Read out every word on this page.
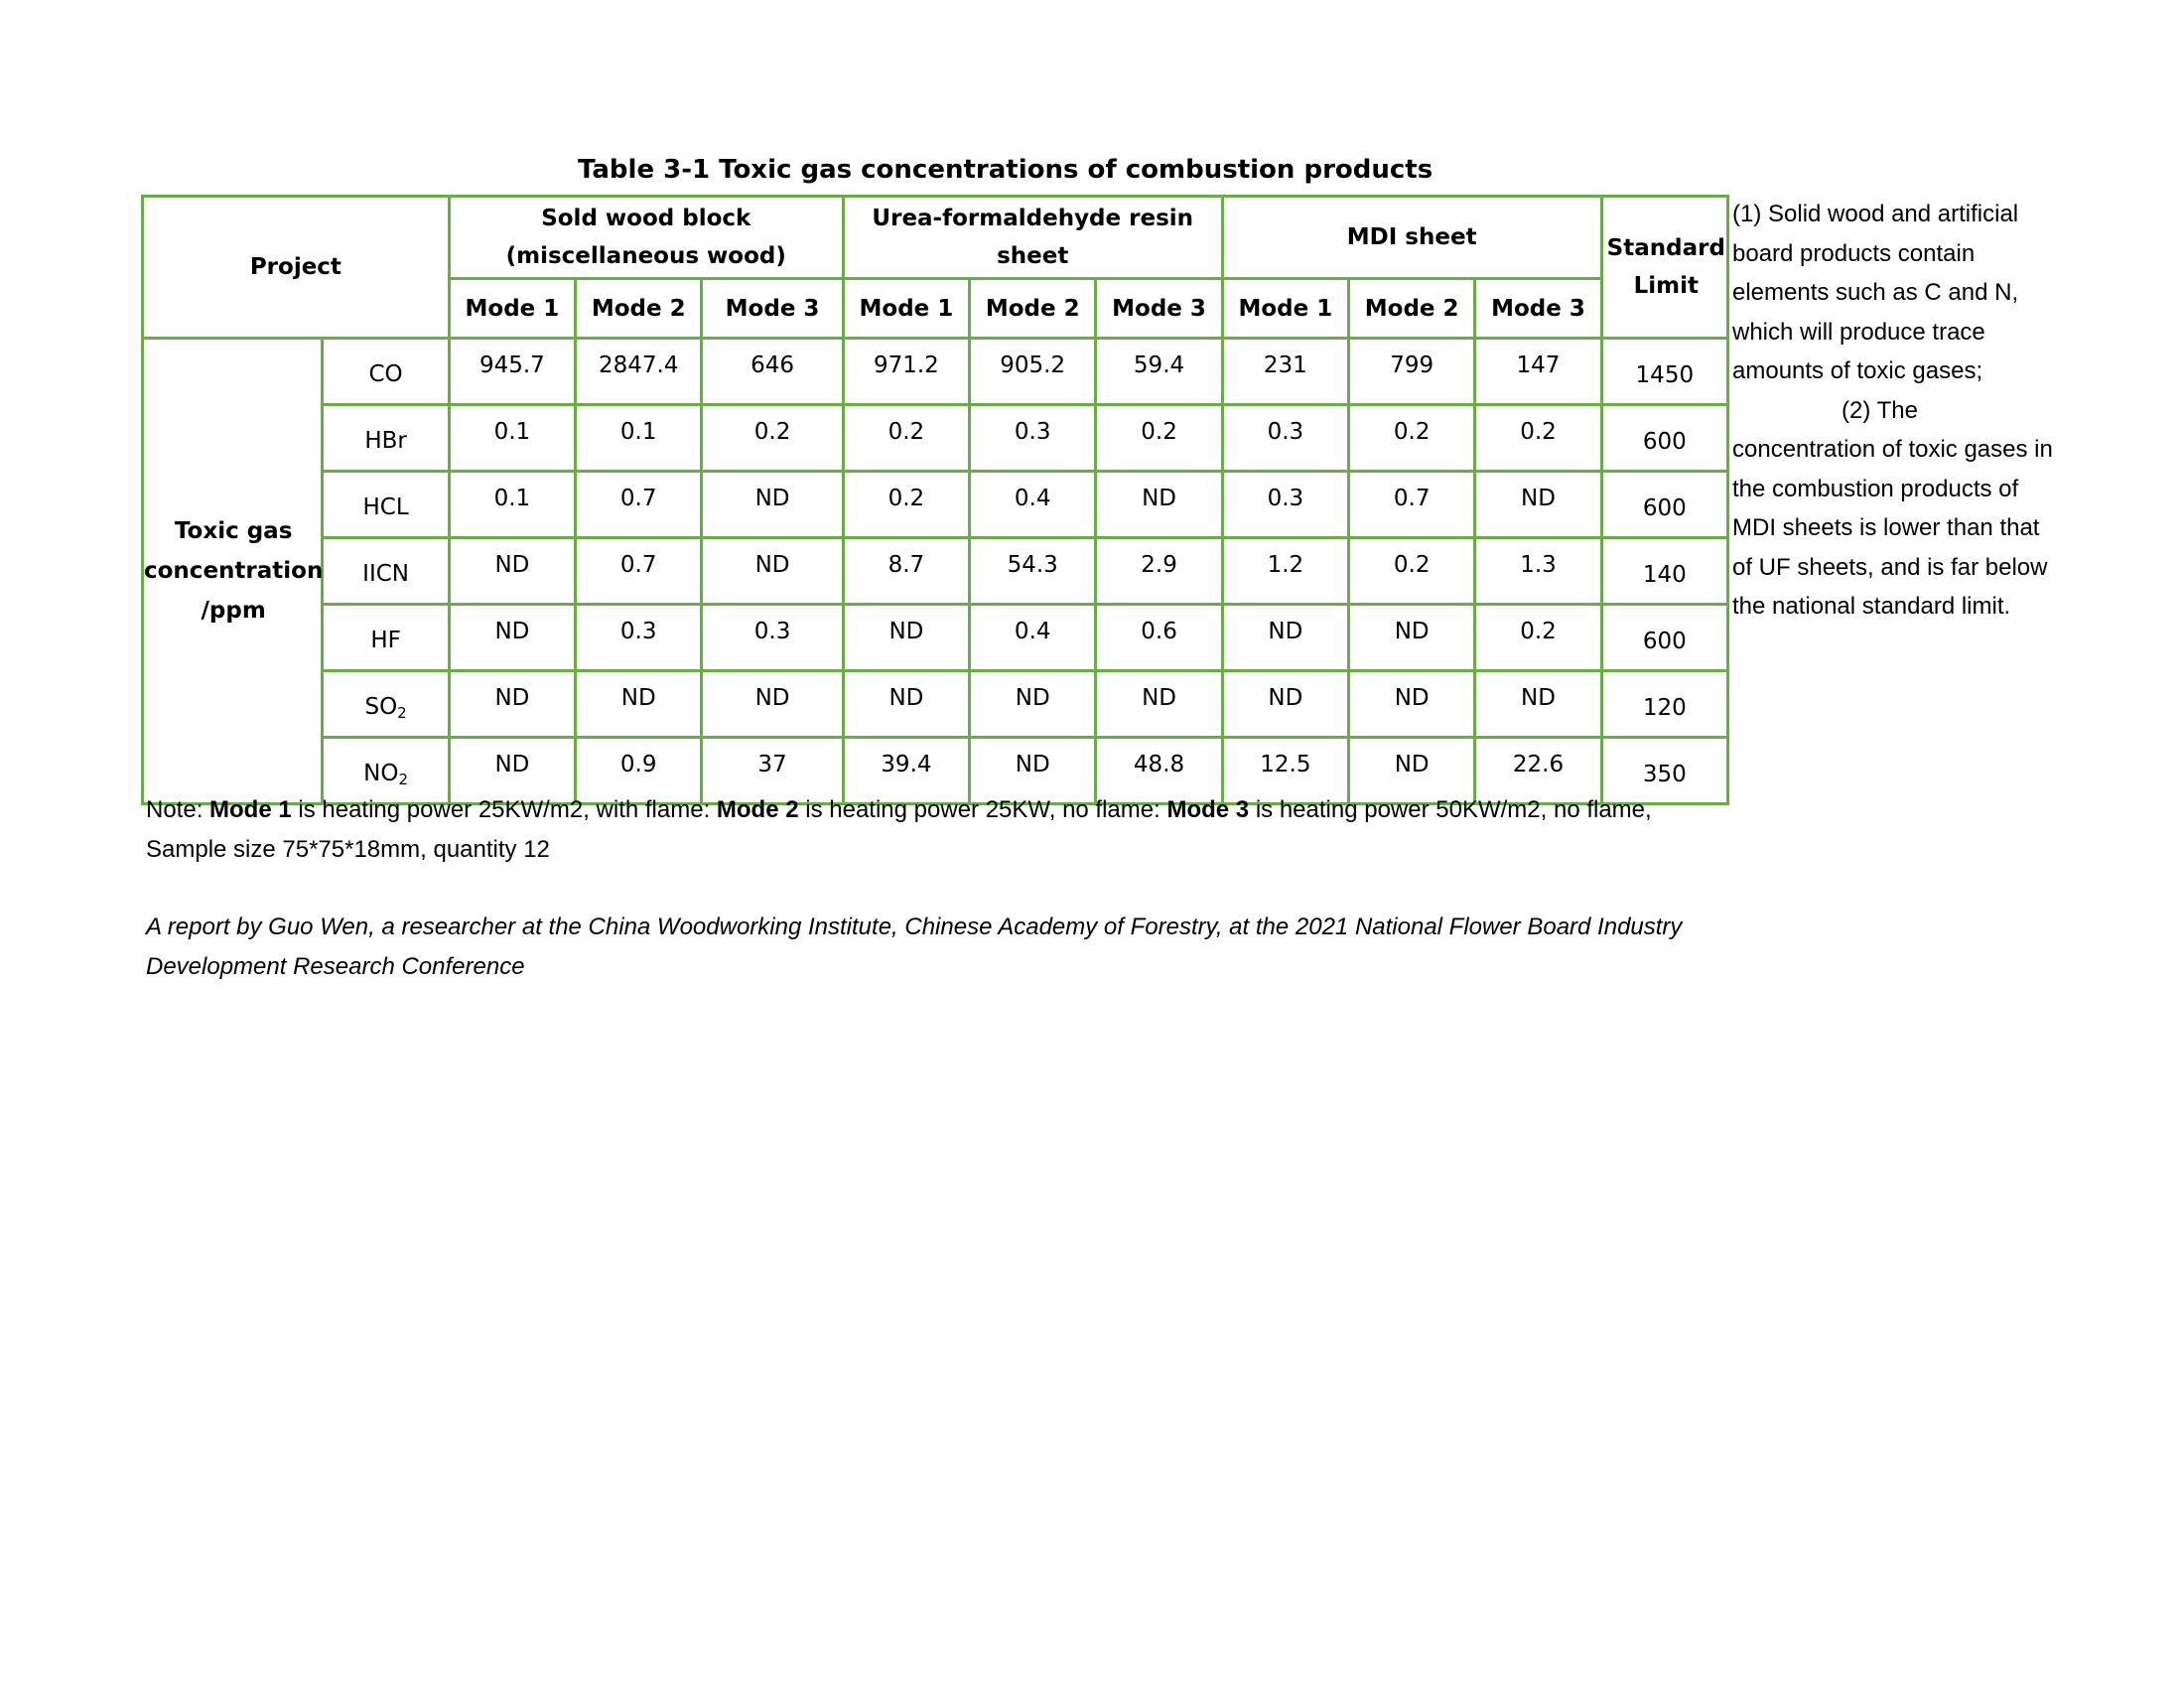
Table 3-1 Toxic gas concentrations of combustion products
Project		Sold wood block (miscellaneous wood)			Urea-formaldehyde resin sheet			MDI sheet			Standard Limit
		Mode 1	Mode 2	Mode 3	Mode 1	Mode 2	Mode 3	Mode 1	Mode 2	Mode 3	
Toxic gas concentration /ppm	CO	945.7	2847.4	646	971.2	905.2	59.4	231	799	147	1450
	HBr	0.1	0.1	0.2	0.2	0.3	0.2	0.3	0.2	0.2	600
	HCL	0.1	0.7	ND	0.2	0.4	ND	0.3	0.7	ND	600
	IICN	ND	0.7	ND	8.7	54.3	2.9	1.2	0.2	1.3	140
	HF	ND	0.3	0.3	ND	0.4	0.6	ND	ND	0.2	600
	$SO_2$	ND	ND	ND	ND	ND	ND	ND	ND	ND	120
	$NO_2$	ND	0.9	37	39.4	ND	48.8	12.5	ND	22.6	350

(1) Solid wood and artificial board products contain elements such as C and N, which will produce trace amounts of toxic gases;

(2) The

concentration of toxic gases in the combustion products of MDI sheets is lower than that of UF sheets, and is far below the national standard limit.

Note: Mode 1 is heating power 25KW/m2, with flame: Mode 2 is heating power 25KW, no flame: Mode 3 is heating power 50KW/m2, no flame, Sample size 75*75*18mm, quantity 12
A report by Guo Wen, a researcher at the China Woodworking Institute, Chinese Academy of Forestry, at the 2021 National Flower Board Industry Development Research Conference
